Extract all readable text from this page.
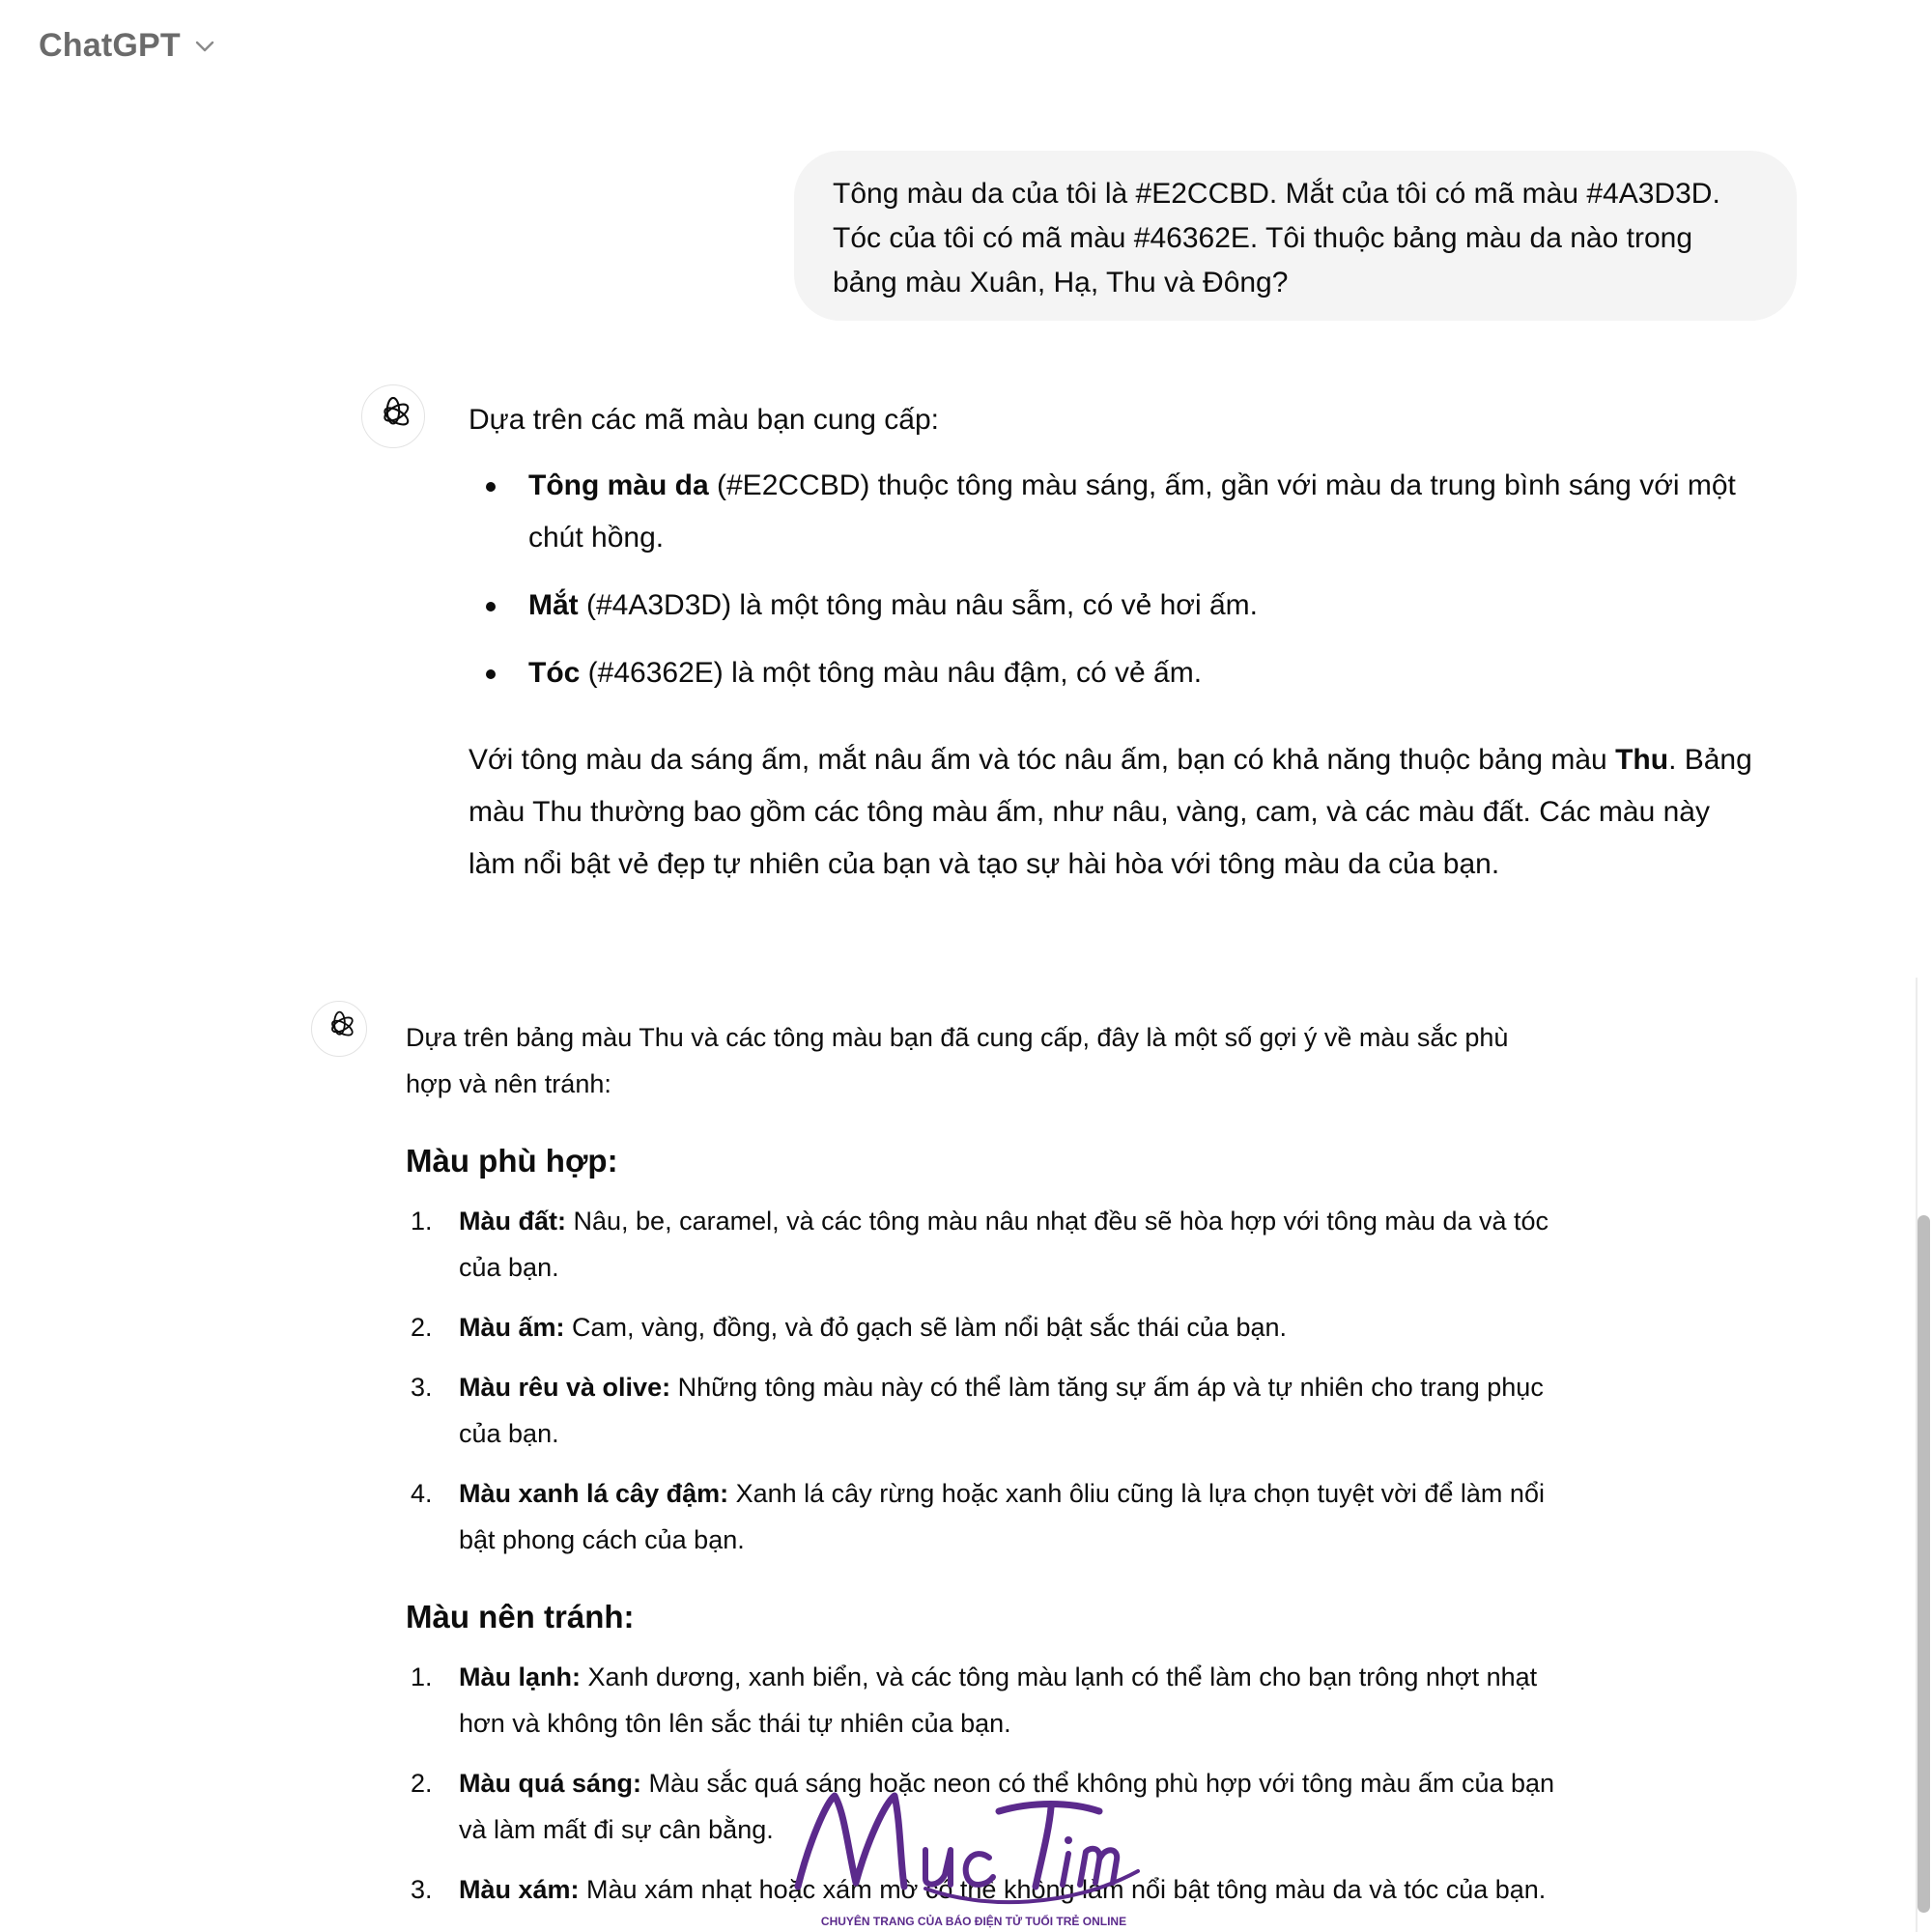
ChatGPT

Tông màu da của tôi là #E2CCBD. Mắt của tôi có mã màu #4A3D3D.
Tóc của tôi có mã màu #46362E. Tôi thuộc bảng màu da nào trong
bảng màu Xuân, Hạ, Thu và Đông?

Dựa trên các mã màu bạn cung cấp:

Tông màu da (#E2CCBD) thuộc tông màu sáng, ấm, gần với màu da trung bình sáng với một
chút hồng.
Mắt (#4A3D3D) là một tông màu nâu sẫm, có vẻ hơi ấm.
Tóc (#46362E) là một tông màu nâu đậm, có vẻ ấm.

Với tông màu da sáng ấm, mắt nâu ấm và tóc nâu ấm, bạn có khả năng thuộc bảng màu Thu. Bảng
màu Thu thường bao gồm các tông màu ấm, như nâu, vàng, cam, và các màu đất. Các màu này
làm nổi bật vẻ đẹp tự nhiên của bạn và tạo sự hài hòa với tông màu da của bạn.

Dựa trên bảng màu Thu và các tông màu bạn đã cung cấp, đây là một số gợi ý về màu sắc phù
hợp và nên tránh:

Màu phù hợp:
1. Màu đất: Nâu, be, caramel, và các tông màu nâu nhạt đều sẽ hòa hợp với tông màu da và tóc
của bạn.
2. Màu ấm: Cam, vàng, đồng, và đỏ gạch sẽ làm nổi bật sắc thái của bạn.
3. Màu rêu và olive: Những tông màu này có thể làm tăng sự ấm áp và tự nhiên cho trang phục
của bạn.
4. Màu xanh lá cây đậm: Xanh lá cây rừng hoặc xanh ôliu cũng là lựa chọn tuyệt vời để làm nổi
bật phong cách của bạn.
Màu nên tránh:
1. Màu lạnh: Xanh dương, xanh biển, và các tông màu lạnh có thể làm cho bạn trông nhợt nhạt
hơn và không tôn lên sắc thái tự nhiên của bạn.
2. Màu quá sáng: Màu sắc quá sáng hoặc neon có thể không phù hợp với tông màu ấm của bạn
và làm mất đi sự cân bằng.
3. Màu xám: Màu xám nhạt hoặc xám mờ có thể không làm nổi bật tông màu da và tóc của bạn.
CHUYÊN TRANG CỦA BÁO ĐIỆN TỬ TUỔI TRẺ ONLINE
